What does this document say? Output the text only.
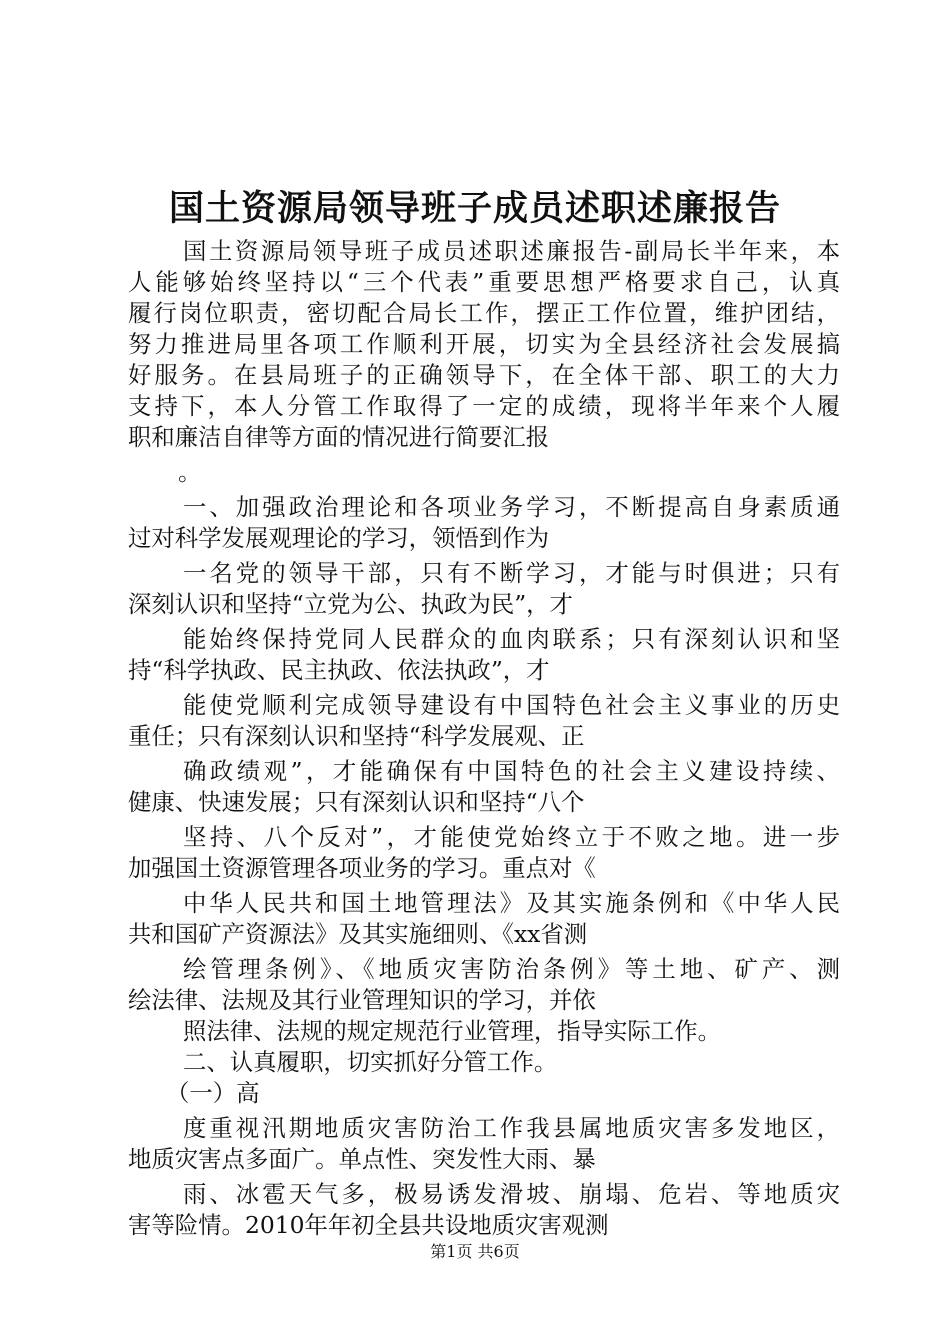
国土资源局领导班子成员述职述廉报告
国土资源局领导班子成员述职述廉报告-副局长半年来，本
人能够始终坚持以“三个代表”重要思想严格要求自己，认真
履行岗位职责，密切配合局长工作，摆正工作位置，维护团结，
努力推进局里各项工作顺利开展，切实为全县经济社会发展搞
好服务。在县局班子的正确领导下，在全体干部、职工的大力
支持下，本人分管工作取得了一定的成绩，现将半年来个人履
职和廉洁自律等方面的情况进行简要汇报
。
一、加强政治理论和各项业务学习，不断提高自身素质通
过对科学发展观理论的学习，领悟到作为
一名党的领导干部，只有不断学习，才能与时俱进；只有
深刻认识和坚持“立党为公、执政为民”，才
能始终保持党同人民群众的血肉联系；只有深刻认识和坚
持“科学执政、民主执政、依法执政”，才
能使党顺利完成领导建设有中国特色社会主义事业的历史
重任；只有深刻认识和坚持“科学发展观、正
确政绩观”，才能确保有中国特色的社会主义建设持续、
健康、快速发展；只有深刻认识和坚持“八个
坚持、八个反对”，才能使党始终立于不败之地。进一步
加强国土资源管理各项业务的学习。重点对《
中华人民共和国土地管理法》及其实施条例和《中华人民
共和国矿产资源法》及其实施细则、《xx省测
绘管理条例》、《地质灾害防治条例》等土地、矿产、测
绘法律、法规及其行业管理知识的学习，并依
照法律、法规的规定规范行业管理，指导实际工作。
二、认真履职，切实抓好分管工作。
（一）高
度重视汛期地质灾害防治工作我县属地质灾害多发地区，
地质灾害点多面广。单点性、突发性大雨、暴
雨、冰雹天气多，极易诱发滑坡、崩塌、危岩、等地质灾
害等险情。2010年年初全县共设地质灾害观测
第1页 共6页
